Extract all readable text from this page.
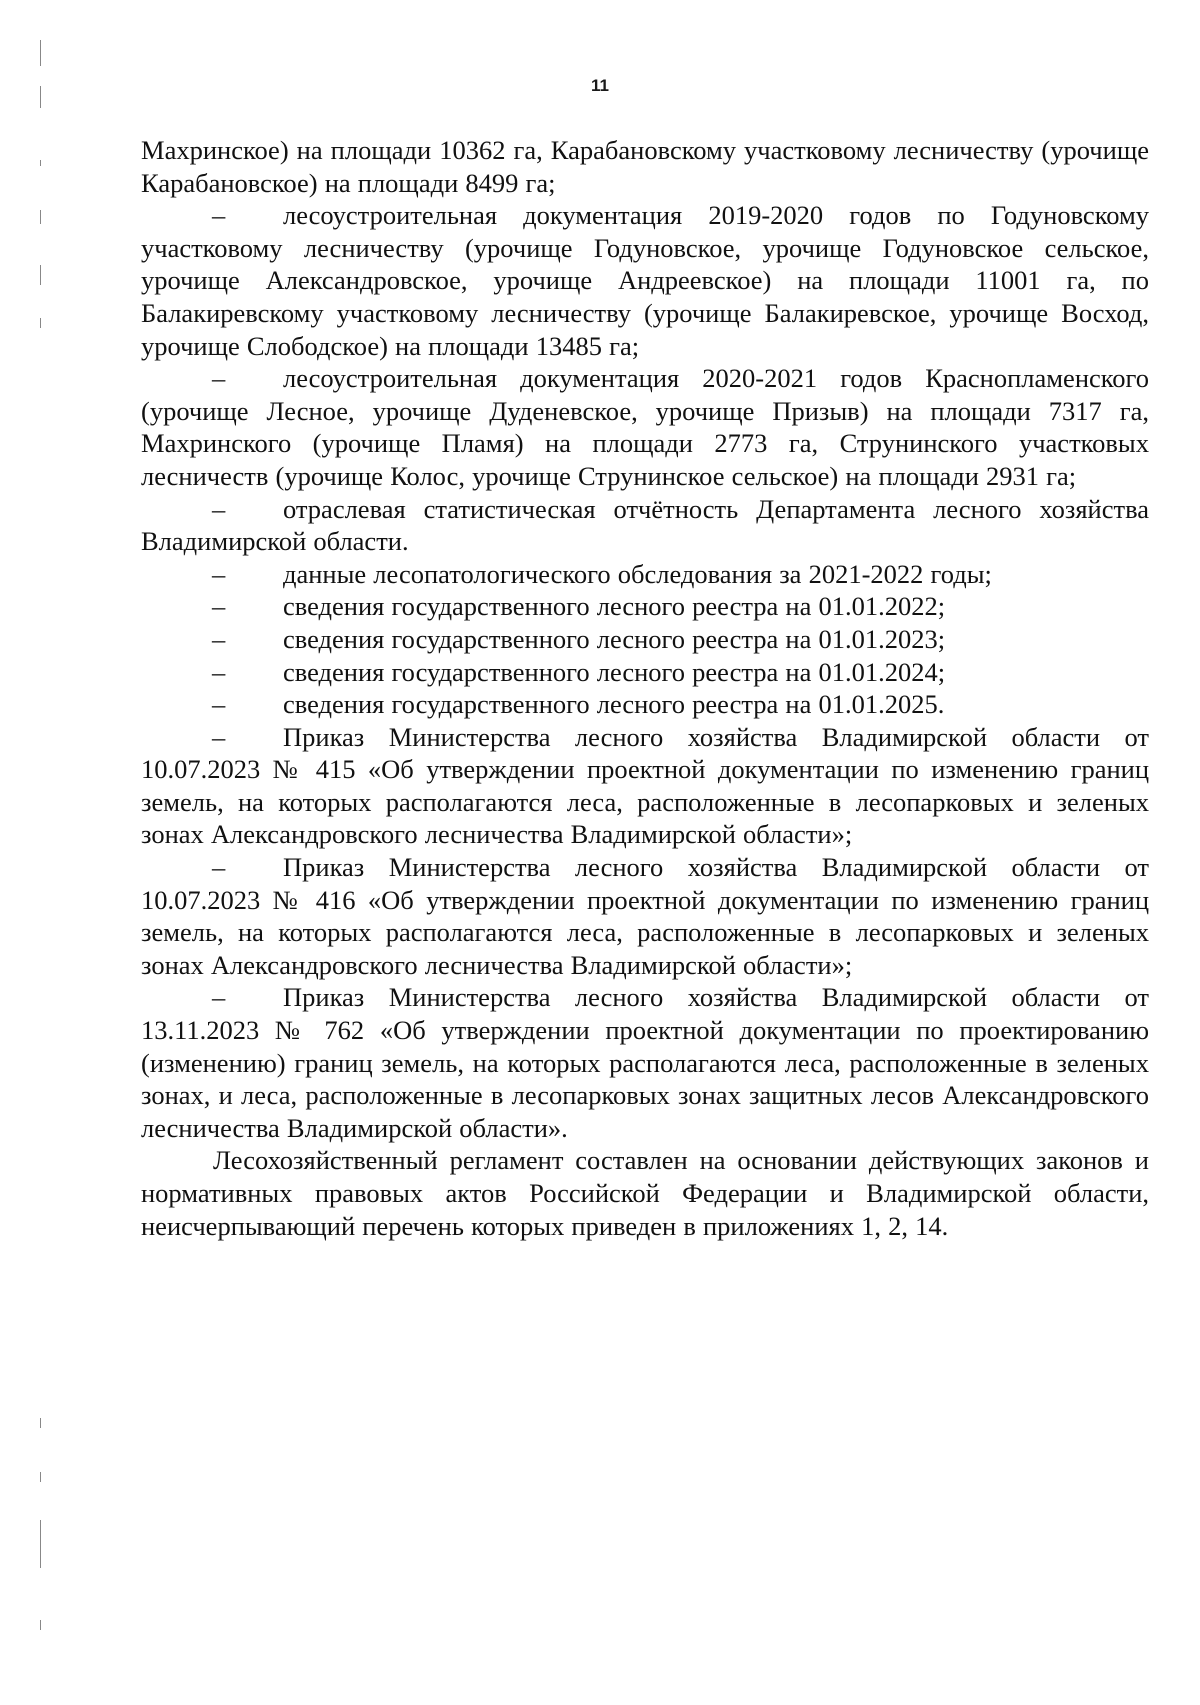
11

Махринское) на площади 10362 га, Карабановскому участковому лесничеству (урочище Карабановское) на площади 8499 га;

– лесоустроительная документация 2019-2020 годов по Годуновскому участковому лесничеству (урочище Годуновское, урочище Годуновское сельское, урочище Александровское, урочище Андреевское) на площади 11001 га, по Балакиревскому участковому лесничеству (урочище Балакиревское, урочище Восход, урочище Слободское) на площади 13485 га;

– лесоустроительная документация 2020-2021 годов Краснопламенского (урочище Лесное, урочище Дуденевское, урочище Призыв) на площади 7317 га, Махринского (урочище Пламя) на площади 2773 га, Струнинского участковых лесничеств (урочище Колос, урочище Струнинское сельское) на площади 2931 га;

– отраслевая статистическая отчётность Департамента лесного хозяйства Владимирской области.

– данные лесопатологического обследования за 2021-2022 годы;

– сведения государственного лесного реестра на 01.01.2022;

– сведения государственного лесного реестра на 01.01.2023;

– сведения государственного лесного реестра на 01.01.2024;

– сведения государственного лесного реестра на 01.01.2025.

– Приказ Министерства лесного хозяйства Владимирской области от 10.07.2023 № 415 «Об утверждении проектной документации по изменению границ земель, на которых располагаются леса, расположенные в лесопарковых и зеленых зонах Александровского лесничества Владимирской области»;

– Приказ Министерства лесного хозяйства Владимирской области от 10.07.2023 № 416 «Об утверждении проектной документации по изменению границ земель, на которых располагаются леса, расположенные в лесопарковых и зеленых зонах Александровского лесничества Владимирской области»;

– Приказ Министерства лесного хозяйства Владимирской области от 13.11.2023 № 762 «Об утверждении проектной документации по проектированию (изменению) границ земель, на которых располагаются леса, расположенные в зеленых зонах, и леса, расположенные в лесопарковых зонах защитных лесов Александровского лесничества Владимирской области».

Лесохозяйственный регламент составлен на основании действующих законов и нормативных правовых актов Российской Федерации и Владимирской области, неисчерпывающий перечень которых приведен в приложениях 1, 2, 14.
